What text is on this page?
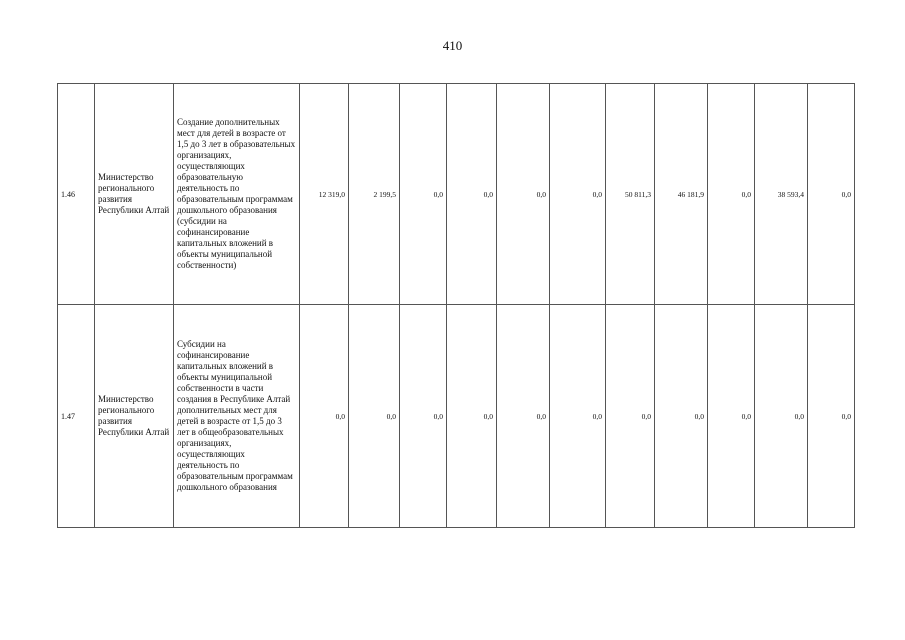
410
1.46	Министерство регионального развития Республики Алтай	Создание дополнительных мест для детей в возрасте от 1,5 до 3 лет в образовательных организациях, осуществляющих образовательную деятельность по образовательным программам дошкольного образования (субсидии на софинансирование капитальных вложений в объекты муниципальной собственности)	12 319,0	2 199,5	0,0	0,0	0,0	0,0	50 811,3	46 181,9	0,0	38 593,4	0,0
1.47	Министерство регионального развития Республики Алтай	Субсидии на софинансирование капитальных вложений в объекты муниципальной собственности в части создания в Республике Алтай дополнительных мест для детей в возрасте от 1,5 до 3 лет в общеобразовательных организациях, осуществляющих деятельность по образовательным программам дошкольного образования	0,0	0,0	0,0	0,0	0,0	0,0	0,0	0,0	0,0	0,0	0,0
